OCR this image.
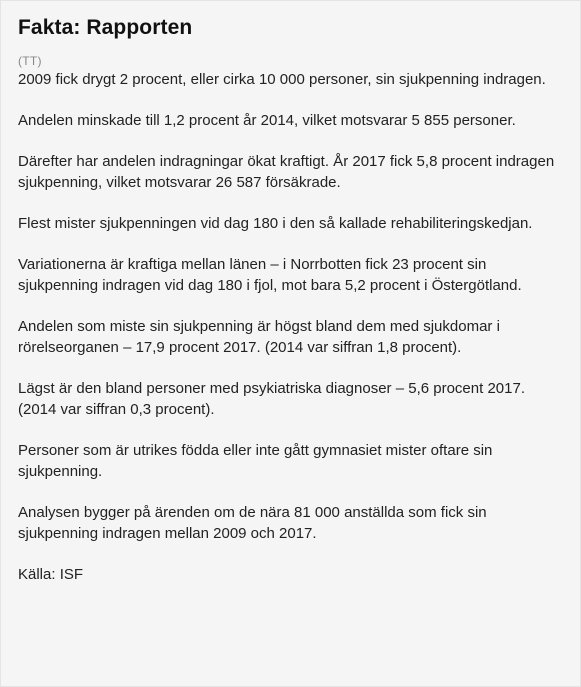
Fakta: Rapporten
(TT)

2009 fick drygt 2 procent, eller cirka 10 000 personer, sin sjukpenning indragen.

Andelen minskade till 1,2 procent år 2014, vilket motsvarar 5 855 personer.

Därefter har andelen indragningar ökat kraftigt. År 2017 fick 5,8 procent indragen sjukpenning, vilket motsvarar 26 587 försäkrade.

Flest mister sjukpenningen vid dag 180 i den så kallade rehabiliteringskedjan.

Variationerna är kraftiga mellan länen – i Norrbotten fick 23 procent sin sjukpenning indragen vid dag 180 i fjol, mot bara 5,2 procent i Östergötland.

Andelen som miste sin sjukpenning är högst bland dem med sjukdomar i rörelseorganen – 17,9 procent 2017. (2014 var siffran 1,8 procent).

Lägst är den bland personer med psykiatriska diagnoser – 5,6 procent 2017. (2014 var siffran 0,3 procent).

Personer som är utrikes födda eller inte gått gymnasiet mister oftare sin sjukpenning.

Analysen bygger på ärenden om de nära 81 000 anställda som fick sin sjukpenning indragen mellan 2009 och 2017.

Källa: ISF
